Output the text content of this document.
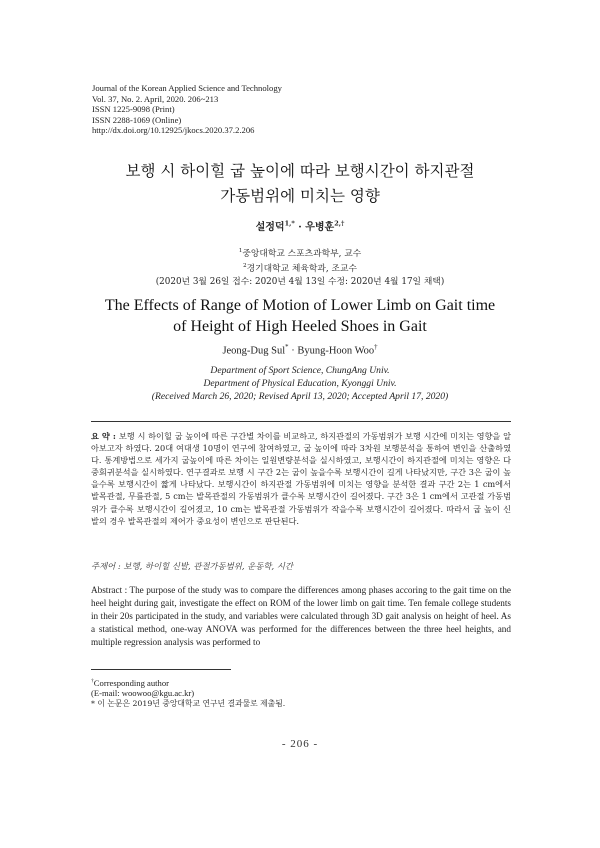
Journal of the Korean Applied Science and Technology
Vol. 37, No. 2. April, 2020. 206~213
ISSN 1225-9098 (Print)
ISSN 2288-1069 (Online)
http://dx.doi.org/10.12925/jkocs.2020.37.2.206
보행 시 하이힐 굽 높이에 따라 보행시간이 하지관절
가동범위에 미치는 영향
설정덕$^{1,*}$ · 우병훈$^{2,\dagger}$
$^1$중앙대학교 스포츠과학부, 교수
$^2$경기대학교 체육학과, 조교수
(2020년 3월 26일 접수: 2020년 4월 13일 수정: 2020년 4월 17일 채택)
The Effects of Range of Motion of Lower Limb on Gait time
of Height of High Heeled Shoes in Gait
Jeong-Dug Sul* · Byung-Hoon Woo†
Department of Sport Science, ChungAng Univ.
Department of Physical Education, Kyonggi Univ.
(Received March 26, 2020; Revised April 13, 2020; Accepted April 17, 2020)
요 약 : 보행 시 하이힐 굽 높이에 따른 구간별 차이를 비교하고, 하지관절의 가동범위가 보행 시간에 미치는 영향을 알아보고자 하였다. 20대 여대생 10명이 연구에 참여하였고, 굽 높이에 따라 3차원 보행분석을 통하여 변인을 산출하였다. 통계방법으로 세가지 굽높이에 따른 차이는 일원변량분석을 실시하였고, 보행시간이 하지관절에 미치는 영향은 다중회귀분석을 실시하였다. 연구결과로 보행 시 구간 2는 굽이 높을수록 보행시간이 길게 나타났지만, 구간 3은 굽이 높을수록 보행시간이 짧게 나타났다. 보행시간이 하지관절 가동범위에 미치는 영향을 분석한 결과 구간 2는 1 cm에서 발목관절, 무릎관절, 5 cm는 발목관절의 가동범위가 클수록 보행시간이 길어졌다. 구간 3은 1 cm에서 고관절 가동범위가 클수록 보행시간이 길어졌고, 10 cm는 발목관절 가동범위가 작을수록 보행시간이 길어졌다. 따라서 굽 높이 신발의 경우 발목관절의 제어가 중요성이 변인으로 판단된다.
주제어 : 보행, 하이힐 신발, 관절가동범위, 운동학, 시간
Abstract : The purpose of the study was to compare the differences among phases accoring to the gait time on the heel height during gait, investigate the effect on ROM of the lower limb on gait time. Ten female college students in their 20s participated in the study, and variables were calculated through 3D gait analysis on height of heel. As a statistical method, one-way ANOVA was performed for the differences between the three heel heights, and multiple regression analysis was performed to
†Corresponding author
(E-mail: woowoo@kgu.ac.kr)
* 이 논문은 2019년 중앙대학교 연구년 결과물로 제출됨.
- 206 -
